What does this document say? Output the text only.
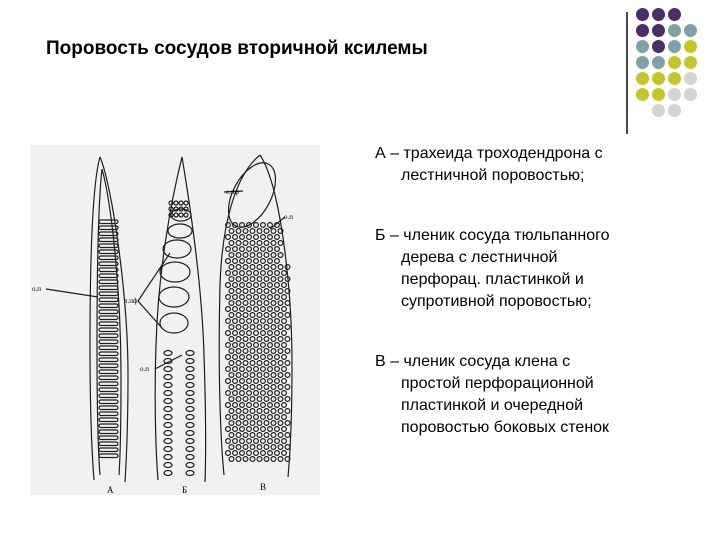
Поровость сосудов вторичной ксилемы
о.п
л.пф
о.п
е.пф
о.п
А	Б	В
А – трахеида троходендрона с
лестничной поровостью;
Б – членик сосуда тюльпанного
дерева с лестничной
перфорац. пластинкой и
супротивной поровостью;
В – членик сосуда клена с
простой перфорационной
пластинкой и очередной
поровостью боковых стенок
